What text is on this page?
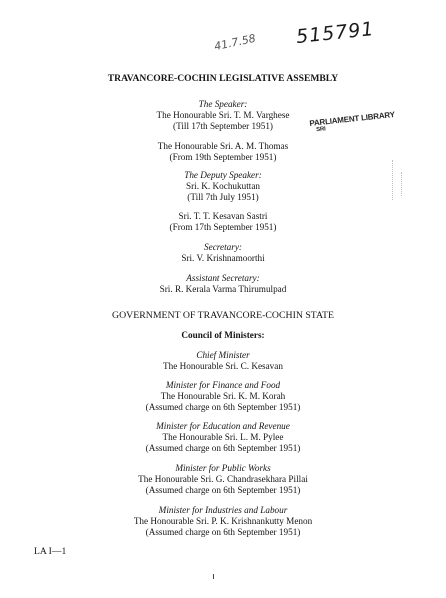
41.7.58 515791
PARLIAMENT LIBRARY
SRI
TRAVANCORE-COCHIN LEGISLATIVE ASSEMBLY
The Speaker:
The Honourable Sri. T. M. Varghese
(Till 17th September 1951)
The Honourable Sri. A. M. Thomas
(From 19th September 1951)
The Deputy Speaker:
Sri. K. Kochukuttan
(Till 7th July 1951)
Sri. T. T. Kesavan Sastri
(From 17th September 1951)
Secretary:
Sri. V. Krishnamoorthi
Assistant Secretary:
Sri. R. Kerala Varma Thirumulpad
GOVERNMENT OF TRAVANCORE-COCHIN STATE
Council of Ministers:
Chief Minister
The Honourable Sri. C. Kesavan
Minister for Finance and Food
The Honourable Sri. K. M. Korah
(Assumed charge on 6th September 1951)
Minister for Education and Revenue
The Honourable Sri. L. M. Pylee
(Assumed charge on 6th September 1951)
Minister for Public Works
The Honourable Sri. G. Chandrasekhara Pillai
(Assumed charge on 6th September 1951)
Minister for Industries and Labour
The Honourable Sri. P. K. Krishnankutty Menon
(Assumed charge on 6th September 1951)
LA I—1
